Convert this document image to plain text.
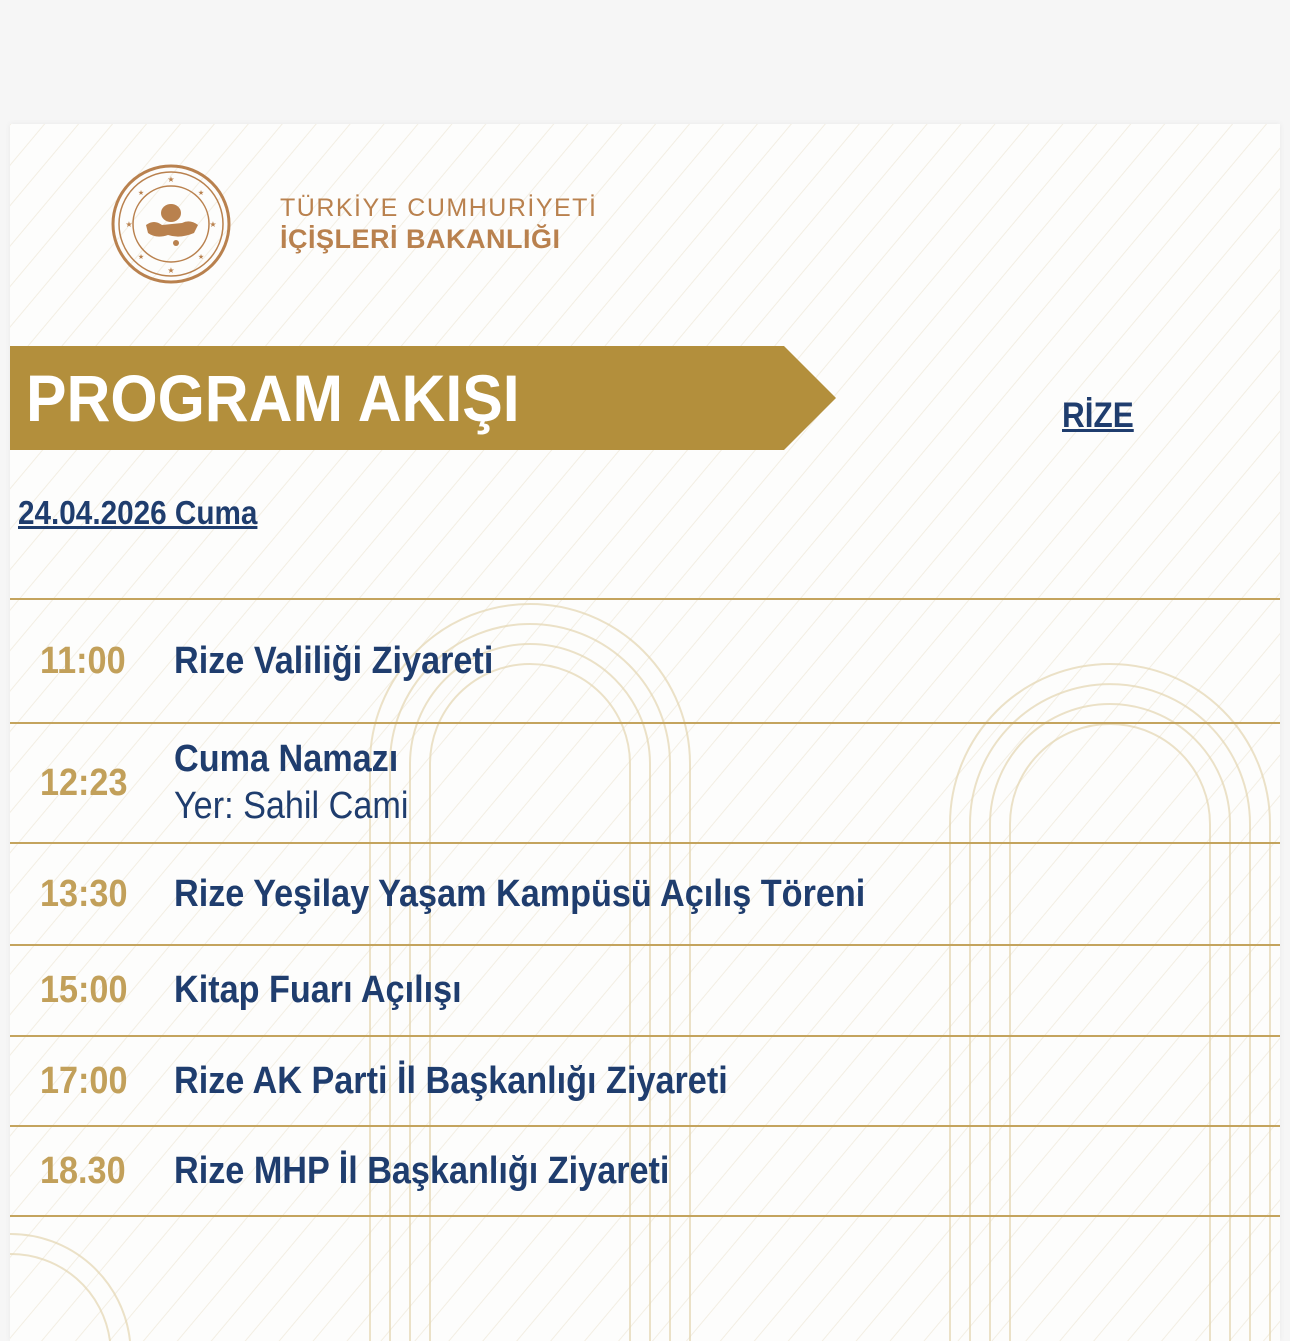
★
★
★
★
★
★
★
★
TÜRKİYE CUMHURİYETİ
İÇİŞLERİ BAKANLIĞI
PROGRAM AKIŞI	RİZE
24.04.2026 Cuma
11:00 Rize Valiliği Ziyareti
12:23
Cuma Namazı
Yer: Sahil Cami
13:30 Rize Yeşilay Yaşam Kampüsü Açılış Töreni
15:00 Kitap Fuarı Açılışı
17:00 Rize AK Parti İl Başkanlığı Ziyareti
18.30 Rize MHP İl Başkanlığı Ziyareti
